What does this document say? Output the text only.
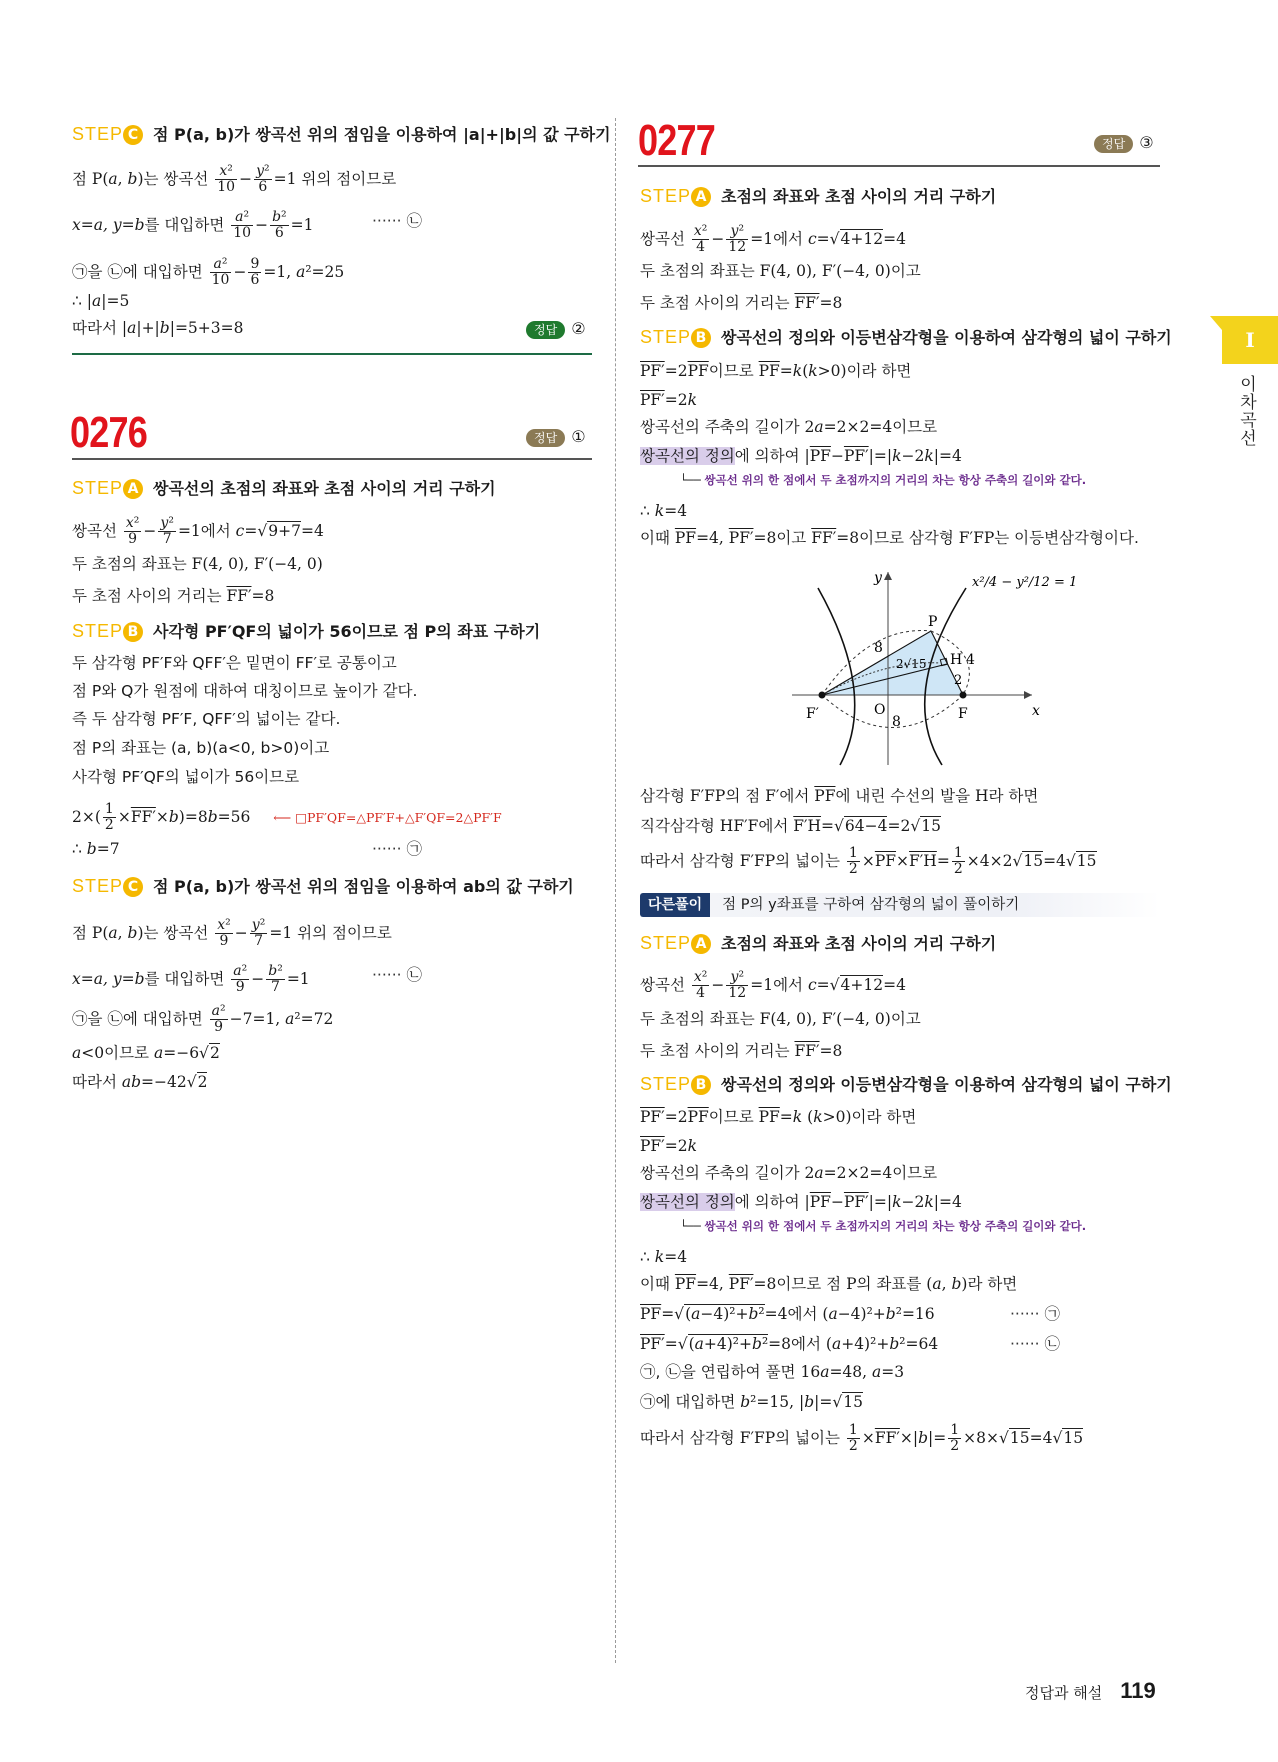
STEP C 점 P(a, b)가 쌍곡선 위의 점임을 이용하여 |a|+|b|의 값 구하기
점 P(a, b)는 쌍곡선 $\frac{\text{x²}}{10} - \frac{\text{y²}}{6} =1$ 위의 점이므로
x=a, y=b를 대입하면 $\frac{\text{a²}}{10} - \frac{\text{b²}}{6} =1$	······ ㉡
㉠을 ㉡에 대입하면 $\frac{\text{a²}}{10} - \frac{9}{6} =1$, a²=25
∴ |a|=5
따라서 |a|+|b|=5+3=8	정답 ②
0276	정답 ①
STEP A 쌍곡선의 초점의 좌표와 초점 사이의 거리 구하기
쌍곡선 $\frac{\text{x²}}{9} - \frac{\text{y²}}{7} =1$에서 c=√9+7=4
두 초점의 좌표는 F(4, 0), F′(−4, 0)
두 초점 사이의 거리는 FF′=8
STEP B 사각형 PF′QF의 넓이가 56이므로 점 P의 좌표 구하기
두 삼각형 PF′F와 QFF′은 밑면이 FF′로 공통이고
점 P와 Q가 원점에 대하여 대칭이므로 높이가 같다.
즉 두 삼각형 PF′F, QFF′의 넓이는 같다.
점 P의 좌표는 (a, b)(a<0, b>0)이고
사각형 PF′QF의 넓이가 56이므로
$2\times( \frac{1}{2} \times FF'\times b)=8b=56$ ⟵ □PF′QF=△PF′F+△F′QF=2△PF′F
∴ b=7	······ ㉠
STEP C 점 P(a, b)가 쌍곡선 위의 점임을 이용하여 ab의 값 구하기
점 P(a, b)는 쌍곡선 $\frac{\text{x²}}{9} - \frac{\text{y²}}{7} =1$ 위의 점이므로
x=a, y=b를 대입하면 $\frac{\text{a²}}{9} - \frac{\text{b²}}{7} =1$	······ ㉡
㉠을 ㉡에 대입하면 $\frac{\text{a²}}{9} -7=1$, a²=72
a<0이므로 a=−6√2
따라서 ab=−42√2
0277	정답 ③
STEP A 초점의 좌표와 초점 사이의 거리 구하기
쌍곡선 $\frac{\text{x²}}{4} - \frac{\text{y²}}{12} =1$에서 c=√4+12=4
두 초점의 좌표는 F(4, 0), F′(−4, 0)이고
두 초점 사이의 거리는 FF′=8
STEP B 쌍곡선의 정의와 이등변삼각형을 이용하여 삼각형의 넓이 구하기
$PF'=2\overline{PF}$이므로 $\overline{PF}=k(k>0)$이라 하면
PF′=2k
쌍곡선의 주축의 길이가 2a=2×2=4이므로
쌍곡선의 정의에 의하여 $|\overline{PF}-PF'|=|k-2k|=4$
└── 쌍곡선 위의 한 점에서 두 초점까지의 거리의 차는 항상 주축의 길이와 같다.
∴ k=4
이때 $\overline{PF}=4$, PF′=8이고 FF′=8이므로 삼각형 F′FP는 이등변삼각형이다.
y
x
P
H 4
2
F
F′	O
8
8
2√15
x²/4 − y²/12 = 1
삼각형 F′FP의 점 F′에서 $\overline{PF}$에 내린 수선의 발을 H라 하면
직각삼각형 HF′F에서 F′H=√64−4=2√15
따라서 삼각형 F′FP의 넓이는 $\frac{1}{2} \times\overline{PF}\times F'H= \frac{1}{2} \times 4\times 2√15=4√15$
다른풀이 점 P의 y좌표를 구하여 삼각형의 넓이 풀이하기
STEP A 초점의 좌표와 초점 사이의 거리 구하기
쌍곡선 $\frac{\text{x²}}{4} - \frac{\text{y²}}{12} =1$에서 c=√4+12=4
두 초점의 좌표는 F(4, 0), F′(−4, 0)이고
두 초점 사이의 거리는 FF′=8
STEP B 쌍곡선의 정의와 이등변삼각형을 이용하여 삼각형의 넓이 구하기
$PF'=2\overline{PF}$이므로 $\overline{PF}=k$ (k>0)이라 하면
PF′=2k
쌍곡선의 주축의 길이가 2a=2×2=4이므로
쌍곡선의 정의에 의하여 $|\overline{PF}-PF'|=|k-2k|=4$
└── 쌍곡선 위의 한 점에서 두 초점까지의 거리의 차는 항상 주축의 길이와 같다.
∴ k=4
이때 $\overline{PF}=4$, PF′=8이므로 점 P의 좌표를 (a, b)라 하면
$\overline{PF}=√(a-4)^2+b^2=4$에서 (a−4)²+b²=16	······ ㉠
PF′=√(a+4)²+b²=8에서 (a+4)²+b²=64	······ ㉡
㉠, ㉡을 연립하여 풀면 16a=48, a=3
㉠에 대입하면 b²=15, |b|=√15
따라서 삼각형 F′FP의 넓이는 $\frac{1}{2} \times FF'\times|b|= \frac{1}{2} \times 8\times√15=4√15$
I
이차곡선
정답과 해설 119
